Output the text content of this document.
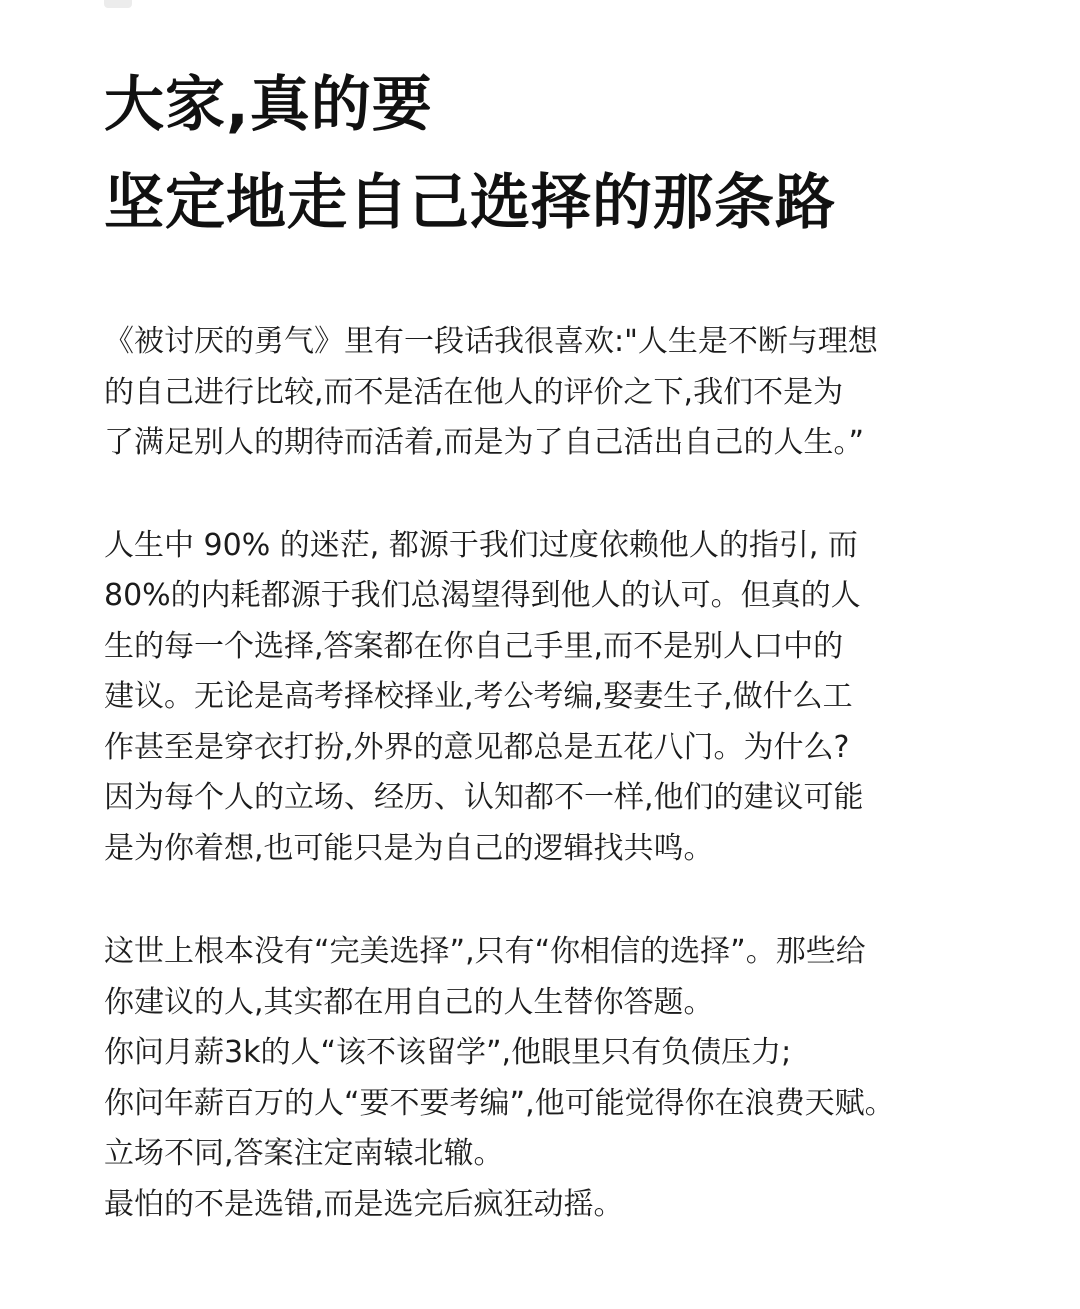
大家,真的要
坚定地走自己选择的那条路

《被讨厌的勇气》里有一段话我很喜欢:"人生是不断与理想
的自己进行比较,而不是活在他人的评价之下,我们不是为
了满足别人的期待而活着,而是为了自己活出自己的人生。”

人生中 90% 的迷茫, 都源于我们过度依赖他人的指引, 而
80%的内耗都源于我们总渴望得到他人的认可。但真的人
生的每一个选择,答案都在你自己手里,而不是别人口中的
建议。无论是高考择校择业,考公考编,娶妻生子,做什么工
作甚至是穿衣打扮,外界的意见都总是五花八门。为什么?
因为每个人的立场、经历、认知都不一样,他们的建议可能
是为你着想,也可能只是为自己的逻辑找共鸣。

这世上根本没有“完美选择”,只有“你相信的选择”。那些给
你建议的人,其实都在用自己的人生替你答题。
你问月薪3k的人“该不该留学”,他眼里只有负债压力;
你问年薪百万的人“要不要考编”,他可能觉得你在浪费天赋。
立场不同,答案注定南辕北辙。
最怕的不是选错,而是选完后疯狂动摇。
